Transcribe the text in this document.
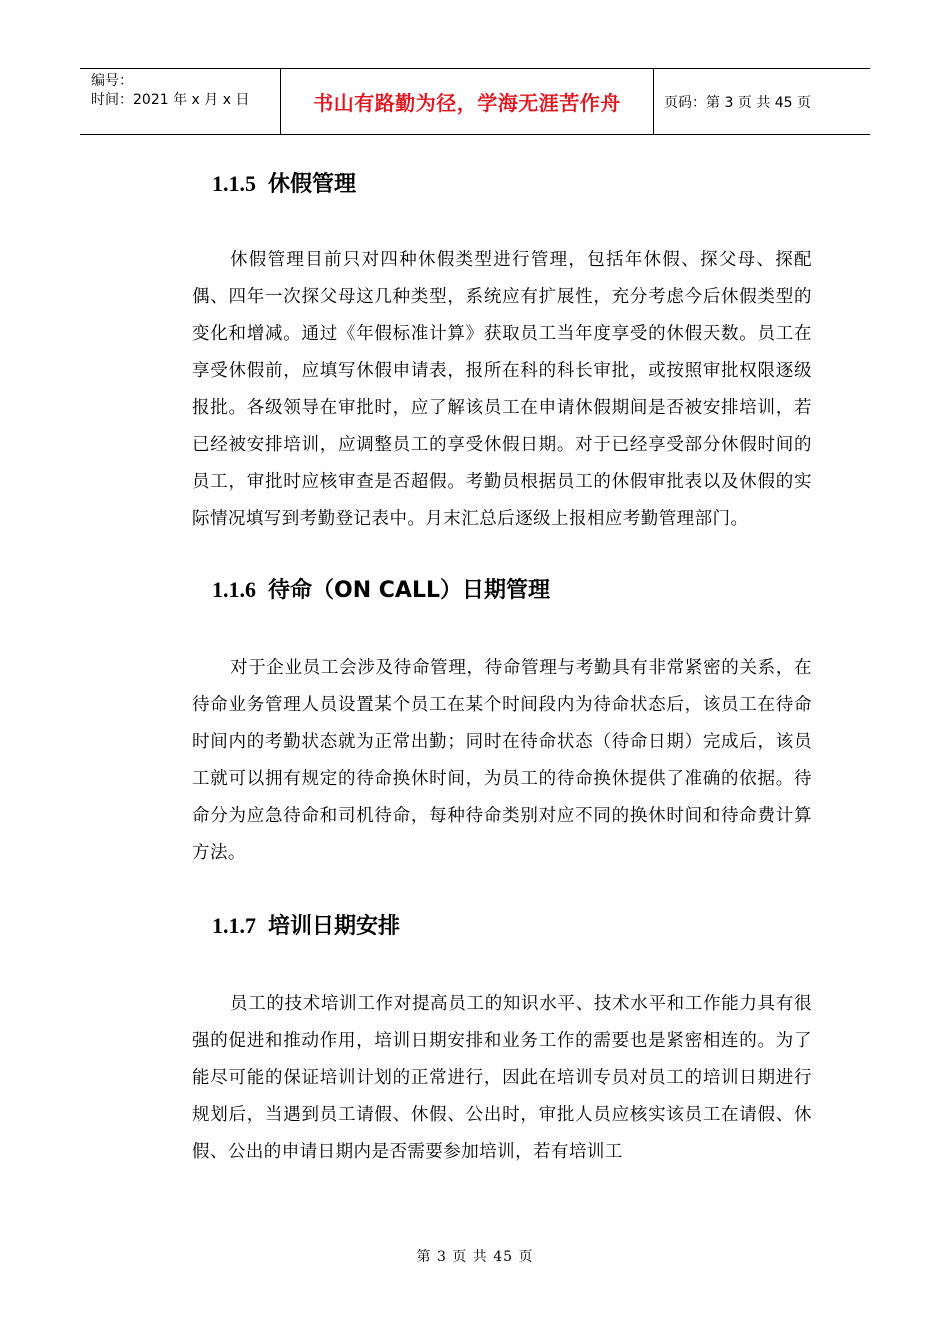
编号：
时间：2021 年 x 月 x 日	书山有路勤为径，学海无涯苦作舟	页码：第 3 页 共 45 页
1.1.5 休假管理

休假管理目前只对四种休假类型进行管理，包括年休假、探父母、探配偶、四年一次探父母这几种类型，系统应有扩展性，充分考虑今后休假类型的变化和增减。通过《年假标准计算》获取员工当年度享受的休假天数。员工在享受休假前，应填写休假申请表，报所在科的科长审批，或按照审批权限逐级报批。各级领导在审批时，应了解该员工在申请休假期间是否被安排培训，若已经被安排培训，应调整员工的享受休假日期。对于已经享受部分休假时间的员工，审批时应核审查是否超假。考勤员根据员工的休假审批表以及休假的实际情况填写到考勤登记表中。月末汇总后逐级上报相应考勤管理部门。

1.1.6 待命（ON CALL）日期管理

对于企业员工会涉及待命管理，待命管理与考勤具有非常紧密的关系，在待命业务管理人员设置某个员工在某个时间段内为待命状态后，该员工在待命时间内的考勤状态就为正常出勤；同时在待命状态（待命日期）完成后，该员工就可以拥有规定的待命换休时间，为员工的待命换休提供了准确的依据。待命分为应急待命和司机待命，每种待命类别对应不同的换休时间和待命费计算方法。

1.1.7 培训日期安排

员工的技术培训工作对提高员工的知识水平、技术水平和工作能力具有很强的促进和推动作用，培训日期安排和业务工作的需要也是紧密相连的。为了能尽可能的保证培训计划的正常进行，因此在培训专员对员工的培训日期进行规划后，当遇到员工请假、休假、公出时，审批人员应核实该员工在请假、休假、公出的申请日期内是否需要参加培训，若有培训工

第 3 页 共 45 页
